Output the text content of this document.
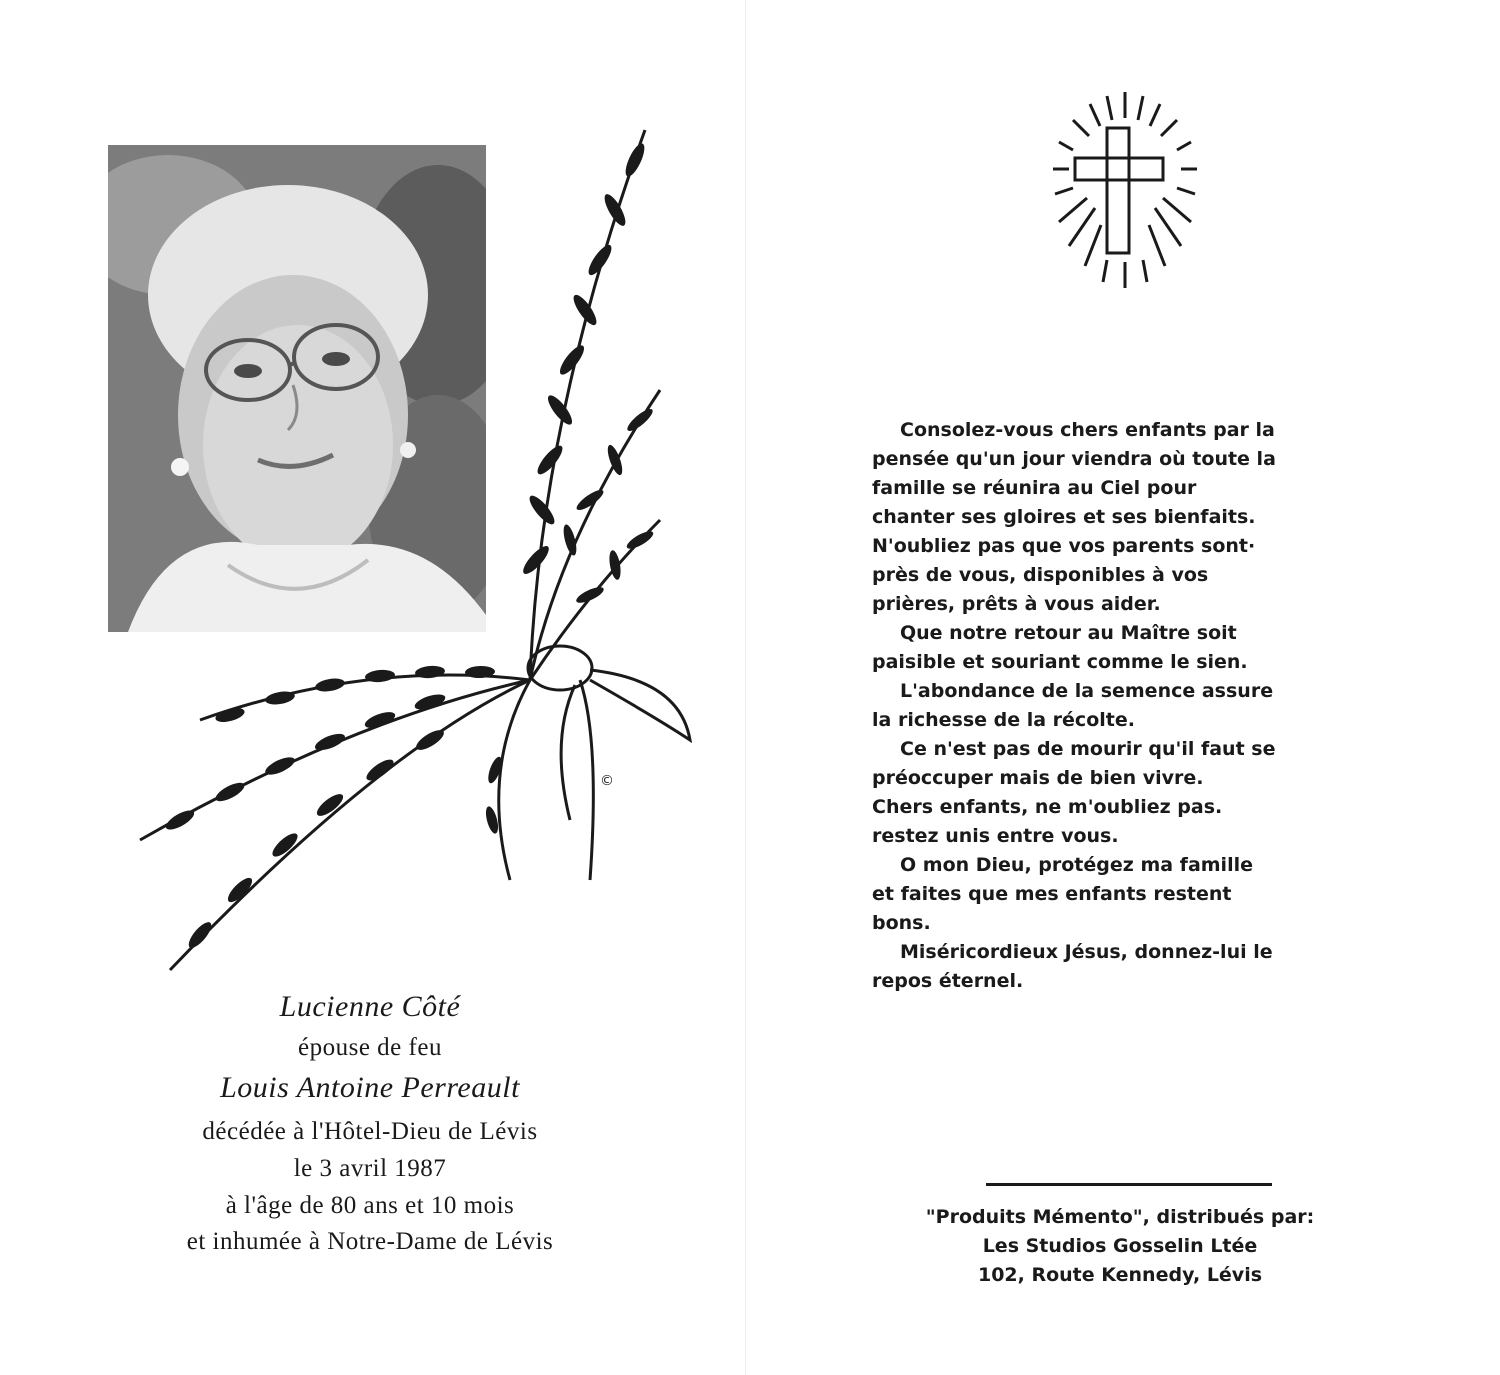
©
Lucienne Côté
épouse de feu
Louis Antoine Perreault
décédée à l'Hôtel-Dieu de Lévis
le 3 avril 1987
à l'âge de 80 ans et 10 mois
et inhumée à Notre-Dame de Lévis
Consolez-vous chers enfants par la
pensée qu'un jour viendra où toute la
famille se réunira au Ciel pour
chanter ses gloires et ses bienfaits.
N'oubliez pas que vos parents sont·
près de vous, disponibles à vos
prières, prêts à vous aider.
Que notre retour au Maître soit
paisible et souriant comme le sien.
L'abondance de la semence assure
la richesse de la récolte.
Ce n'est pas de mourir qu'il faut se
préoccuper mais de bien vivre.
Chers enfants, ne m'oubliez pas.
restez unis entre vous.
O mon Dieu, protégez ma famille
et faites que mes enfants restent
bons.
Miséricordieux Jésus, donnez-lui le
repos éternel.
"Produits Mémento", distribués par:
Les Studios Gosselin Ltée
102, Route Kennedy, Lévis
